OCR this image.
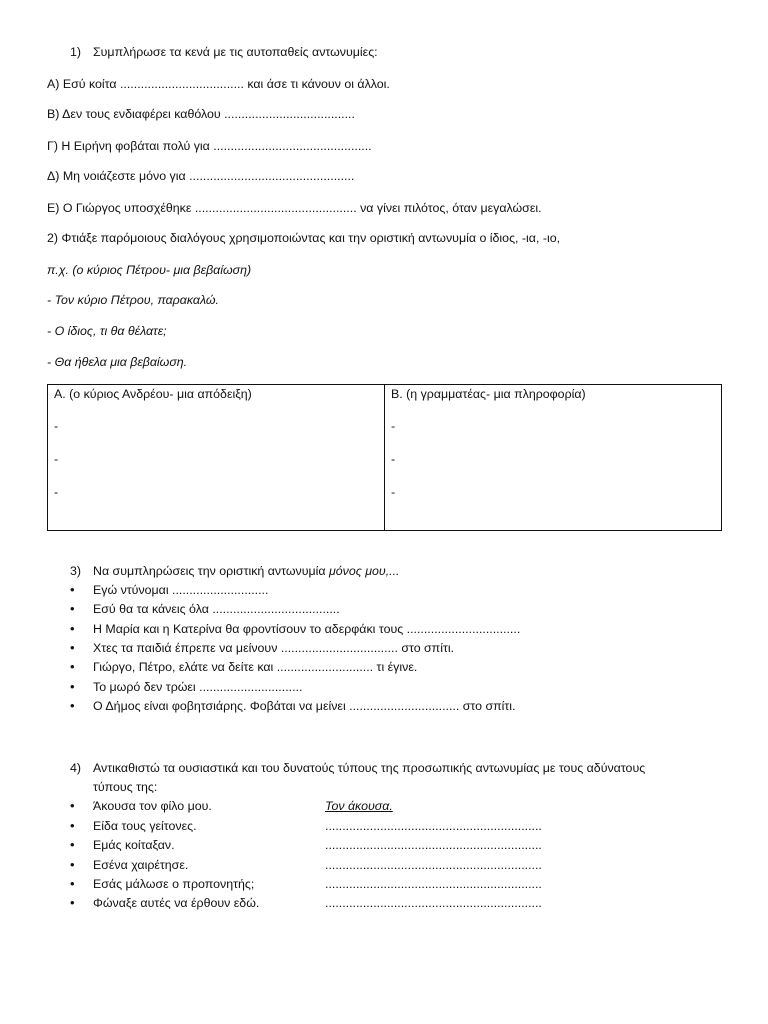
1) Συμπλήρωσε τα κενά με τις αυτοπαθείς αντωνυμίες:
Α) Εσύ κοίτα .................................... και άσε τι κάνουν οι άλλοι.
Β) Δεν τους ενδιαφέρει καθόλου ......................................
Γ) Η Ειρήνη φοβάται πολύ για ..............................................
Δ) Μη νοιάζεστε μόνο για ................................................
Ε) Ο Γιώργος υποσχέθηκε ............................................... να γίνει πιλότος, όταν μεγαλώσει.
2) Φτιάξε παρόμοιους διαλόγους χρησιμοποιώντας και την οριστική αντωνυμία ο ίδιος, -ια, -ιο,
π.χ. (ο κύριος Πέτρου- μια βεβαίωση)
- Τον κύριο Πέτρου, παρακαλώ.
- Ο ίδιος, τι θα θέλατε;
- Θα ήθελα μια βεβαίωση.
Α. (ο κύριος Ανδρέου- μια απόδειξη)
-
-
-

Β. (η γραμματέας- μια πληροφορία)
-
-
-
3) Να συμπληρώσεις την οριστική αντωνυμία μόνος μου,...
• Εγώ ντύνομαι ............................
• Εσύ θα τα κάνεις όλα .....................................
• Η Μαρία και η Κατερίνα θα φροντίσουν το αδερφάκι τους .................................
• Χτες τα παιδιά έπρεπε να μείνουν .................................. στο σπίτι.
• Γιώργο, Πέτρο, ελάτε να δείτε και ............................ τι έγινε.
• Το μωρό δεν τρώει ..............................
• Ο Δήμος είναι φοβητσιάρης. Φοβάται να μείνει ................................ στο σπίτι.
4) Αντικαθιστώ τα ουσιαστικά και του δυνατούς τύπους της προσωπικής αντωνυμίας με τους αδύνατους
τύπους της:
• Άκουσα τον φίλο μου.	Τον άκουσα.
• Είδα τους γείτονες.	...............................................................
• Εμάς κοίταξαν.	...............................................................
• Εσένα χαιρέτησε.	...............................................................
• Εσάς μάλωσε ο προπονητής;	...............................................................
• Φώναξε αυτές να έρθουν εδώ.	...............................................................
